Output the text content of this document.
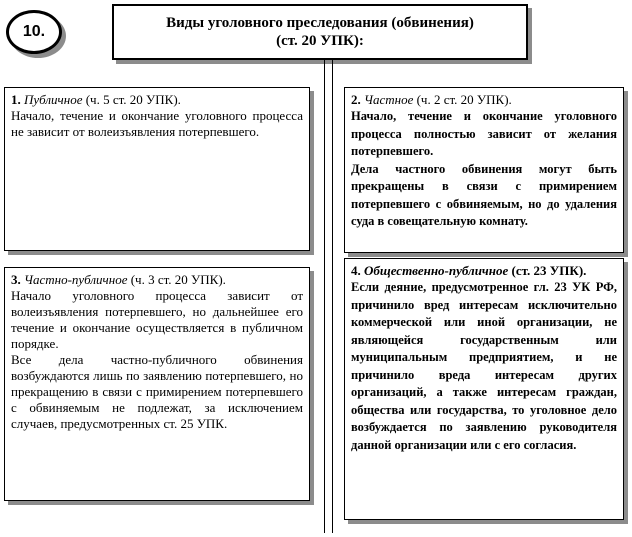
10.	Виды уголовного преследования (обвинения)
(ст. 20 УПК):

1. Публичное (ч. 5 ст. 20 УПК).

Начало, течение и окончание уголовного процесса не зависит от волеизъявления потерпевшего.

2. Частное (ч. 2 ст. 20 УПК).

Начало, течение и окончание уголовного процесса полностью зависит от желания потерпевшего.

Дела частного обвинения могут быть прекращены в связи с примирением потерпевшего с обвиняемым, но до удаления суда в совещательную комнату.

3. Частно-публичное (ч. 3 ст. 20 УПК).

Начало уголовного процесса зависит от волеизъявления потерпевшего, но дальнейшее его течение и окончание осуществляется в публичном порядке.

Все дела частно-публичного обвинения возбуждаются лишь по заявлению потерпевшего, но прекращению в связи с примирением потерпевшего с обвиняемым не подлежат, за исключением случаев, предусмотренных ст. 25 УПК.

4. Общественно-публичное (ст. 23 УПК).

Если деяние, предусмотренное гл. 23 УК РФ, причинило вред интересам исключительно коммерческой или иной организации, не являющейся государственным или муниципальным предприятием, и не причинило вреда интересам других организаций, а также интересам граждан, общества или государства, то уголовное дело возбуждается по заявлению руководителя данной организации или с его согласия.
